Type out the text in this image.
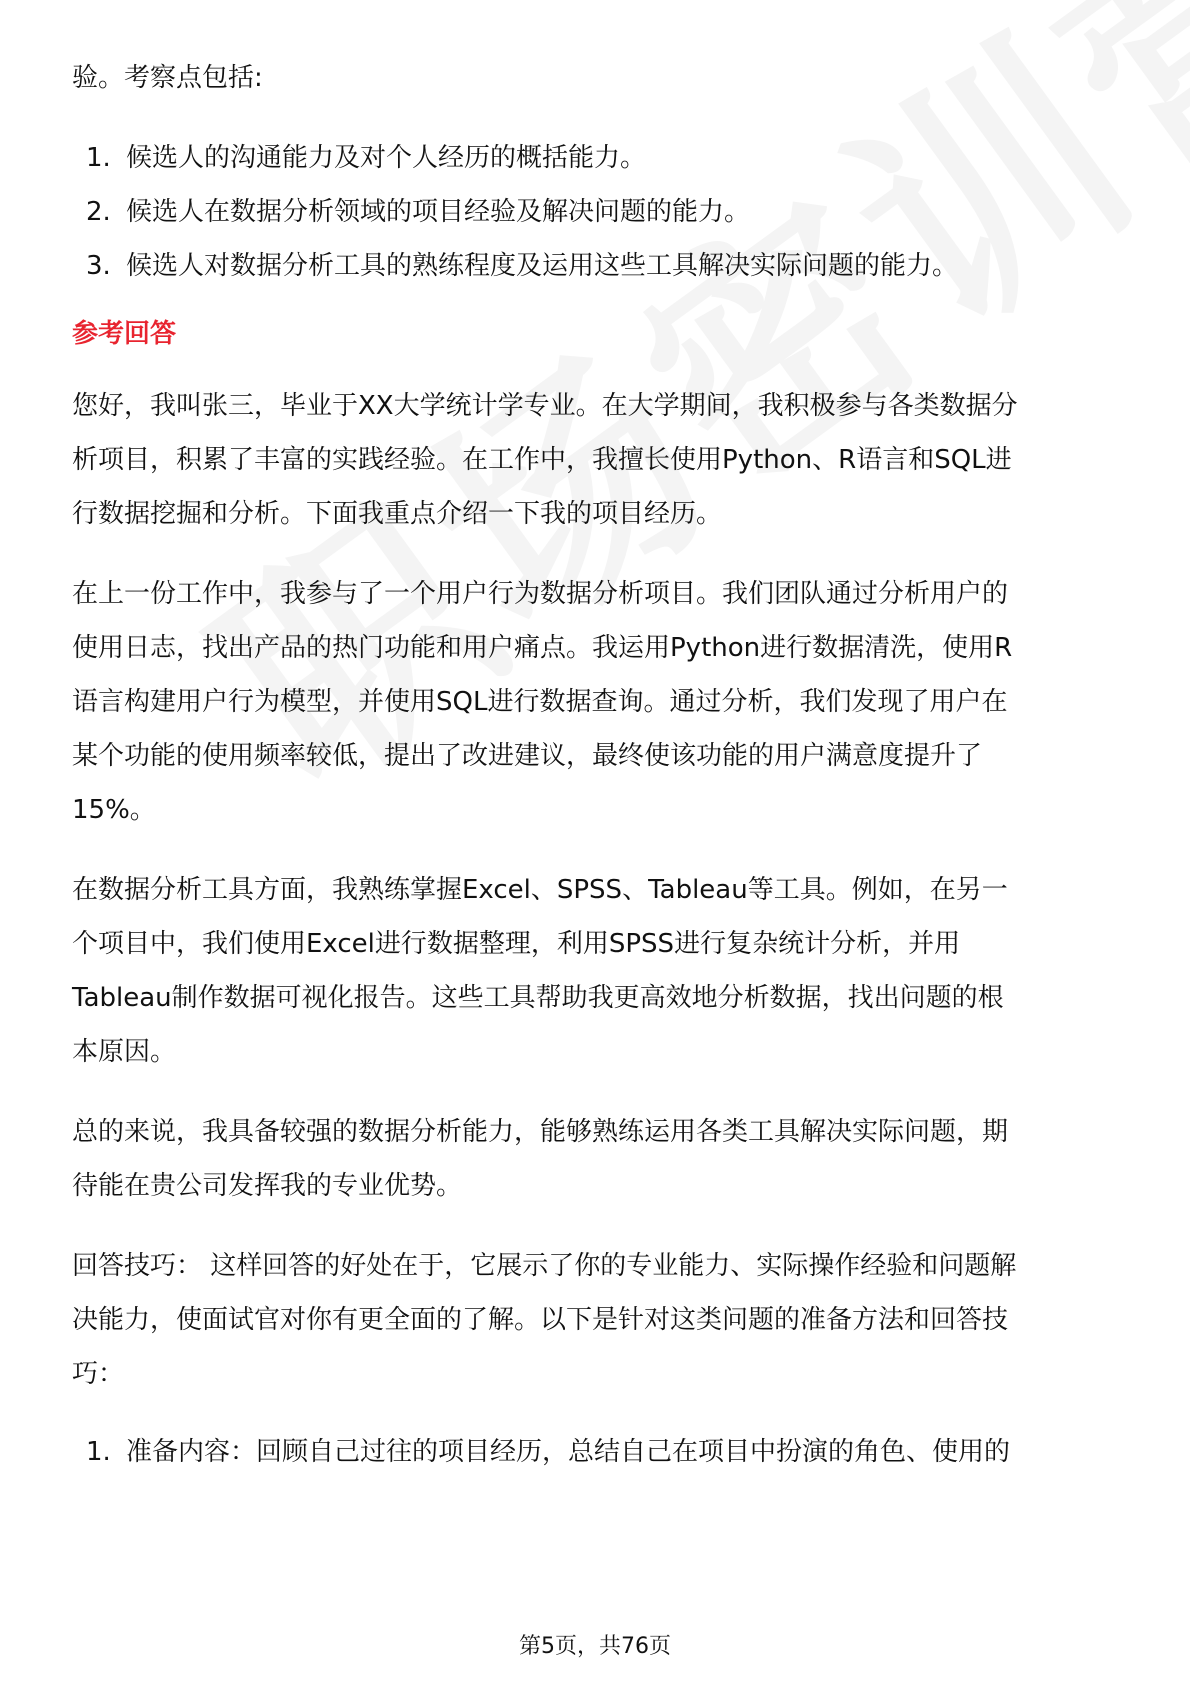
验。考察点包括:
1. 候选人的沟通能力及对个人经历的概括能力。
2. 候选人在数据分析领域的项目经验及解决问题的能力。
3. 候选人对数据分析工具的熟练程度及运用这些工具解决实际问题的能力。
参考回答
您好，我叫张三，毕业于XX大学统计学专业。在大学期间，我积极参与各类数据分
析项目，积累了丰富的实践经验。在工作中，我擅长使用Python、R语言和SQL进
行数据挖掘和分析。下面我重点介绍一下我的项目经历。
在上一份工作中，我参与了一个用户行为数据分析项目。我们团队通过分析用户的
使用日志，找出产品的热门功能和用户痛点。我运用Python进行数据清洗，使用R
语言构建用户行为模型，并使用SQL进行数据查询。通过分析，我们发现了用户在
某个功能的使用频率较低，提出了改进建议，最终使该功能的用户满意度提升了
15%。
在数据分析工具方面，我熟练掌握Excel、SPSS、Tableau等工具。例如，在另一
个项目中，我们使用Excel进行数据整理，利用SPSS进行复杂统计分析，并用
Tableau制作数据可视化报告。这些工具帮助我更高效地分析数据，找出问题的根
本原因。
总的来说，我具备较强的数据分析能力，能够熟练运用各类工具解决实际问题，期
待能在贵公司发挥我的专业优势。
回答技巧： 这样回答的好处在于，它展示了你的专业能力、实际操作经验和问题解
决能力，使面试官对你有更全面的了解。以下是针对这类问题的准备方法和回答技
巧：
1. 准备内容：回顾自己过往的项目经历，总结自己在项目中扮演的角色、使用的
第5页，共76页
